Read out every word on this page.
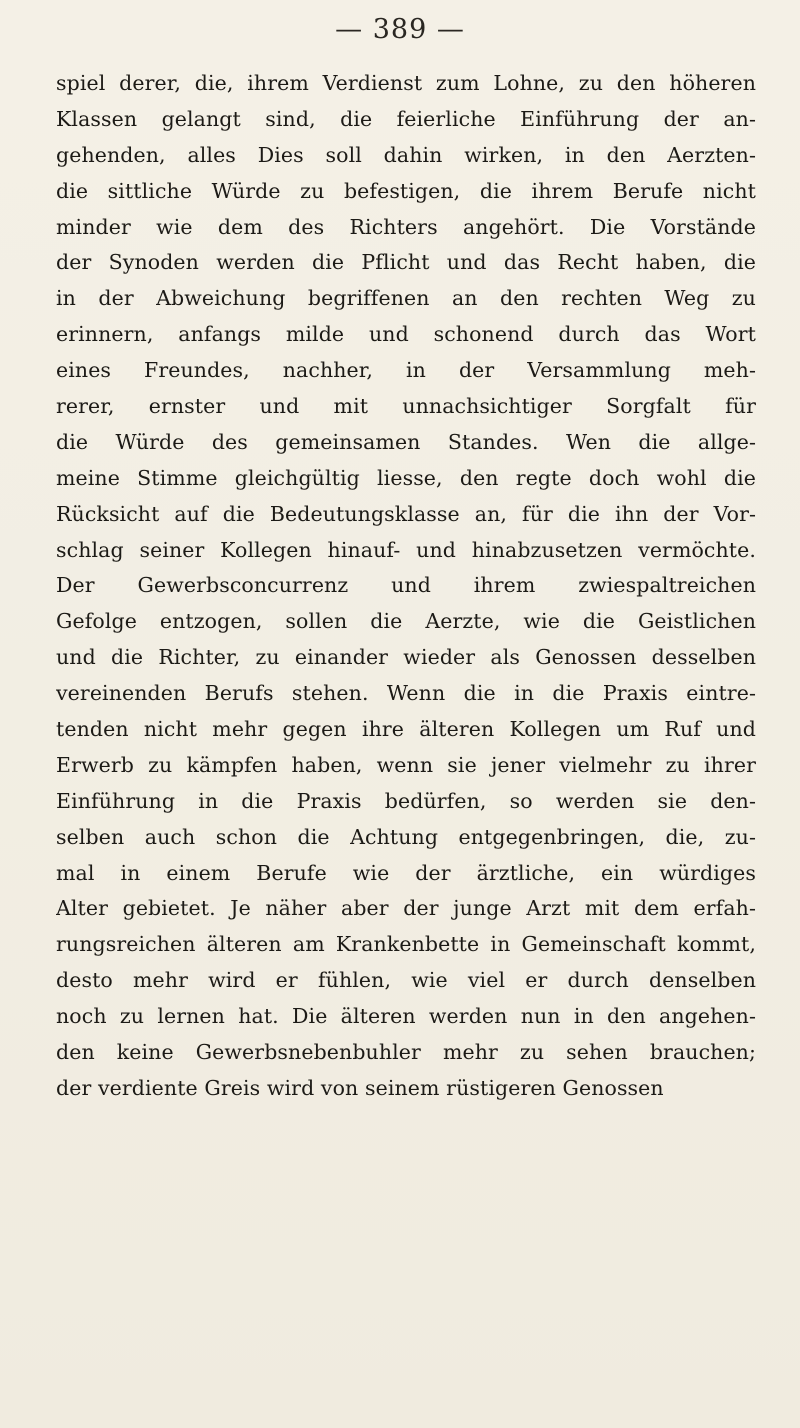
— 389 —
spiel derer, die, ihrem Verdienst zum Lohne, zu den höheren
Klassen gelangt sind, die feierliche Einführung der an-
gehenden, alles Dies soll dahin wirken, in den Aerzten-
die sittliche Würde zu befestigen, die ihrem Berufe nicht
minder wie dem des Richters angehört. Die Vorstände
der Synoden werden die Pflicht und das Recht haben, die
in der Abweichung begriffenen an den rechten Weg zu
erinnern, anfangs milde und schonend durch das Wort
eines Freundes, nachher, in der Versammlung meh-
rerer, ernster und mit unnachsichtiger Sorgfalt für
die Würde des gemeinsamen Standes. Wen die allge-
meine Stimme gleichgültig liesse, den regte doch wohl die
Rücksicht auf die Bedeutungsklasse an, für die ihn der Vor-
schlag seiner Kollegen hinauf- und hinabzusetzen vermöchte.
Der Gewerbsconcurrenz und ihrem zwiespaltreichen
Gefolge entzogen, sollen die Aerzte, wie die Geistlichen
und die Richter, zu einander wieder als Genossen desselben
vereinenden Berufs stehen. Wenn die in die Praxis eintre-
tenden nicht mehr gegen ihre älteren Kollegen um Ruf und
Erwerb zu kämpfen haben, wenn sie jener vielmehr zu ihrer
Einführung in die Praxis bedürfen, so werden sie den-
selben auch schon die Achtung entgegenbringen, die, zu-
mal in einem Berufe wie der ärztliche, ein würdiges
Alter gebietet. Je näher aber der junge Arzt mit dem erfah-
rungsreichen älteren am Krankenbette in Gemeinschaft kommt,
desto mehr wird er fühlen, wie viel er durch denselben
noch zu lernen hat. Die älteren werden nun in den angehen-
den keine Gewerbsnebenbuhler mehr zu sehen brauchen;
der verdiente Greis wird von seinem rüstigeren Genossen
